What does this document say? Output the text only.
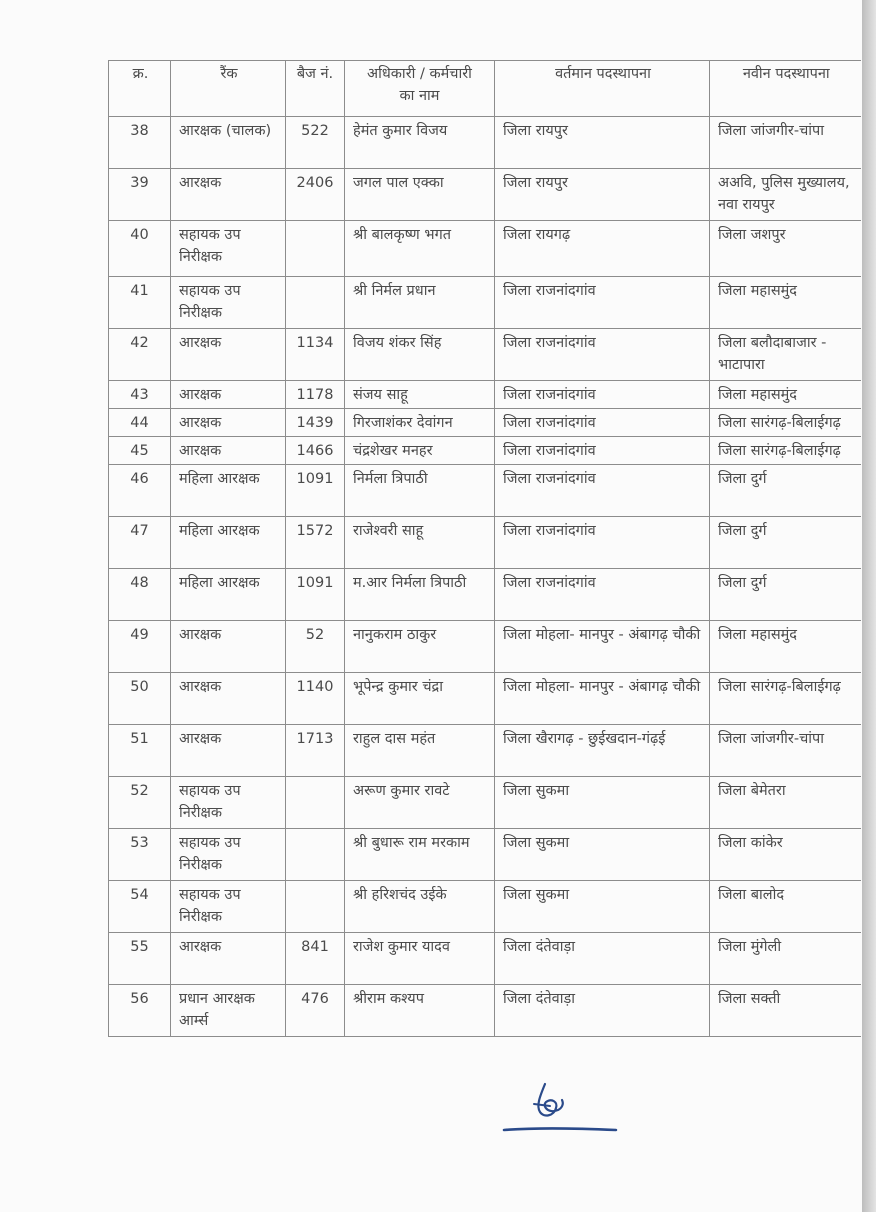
क्र.	रैंक	बैज नं.	अधिकारी / कर्मचारी का नाम	वर्तमान पदस्थापना	नवीन पदस्थापना
38	आरक्षक (चालक)	522	हेमंत कुमार विजय	जिला रायपुर	जिला जांजगीर-चांपा
39	आरक्षक	2406	जगल पाल एक्का	जिला रायपुर	अअवि, पुलिस मुख्यालय, नवा रायपुर
40	सहायक उप निरीक्षक		श्री बालकृष्ण भगत	जिला रायगढ़	जिला जशपुर
41	सहायक उप निरीक्षक		श्री निर्मल प्रधान	जिला राजनांदगांव	जिला महासमुंद
42	आरक्षक	1134	विजय शंकर सिंह	जिला राजनांदगांव	जिला बलौदाबाजार - भाटापारा
43	आरक्षक	1178	संजय साहू	जिला राजनांदगांव	जिला महासमुंद
44	आरक्षक	1439	गिरजाशंकर देवांगन	जिला राजनांदगांव	जिला सारंगढ़-बिलाईगढ़
45	आरक्षक	1466	चंद्रशेखर मनहर	जिला राजनांदगांव	जिला सारंगढ़-बिलाईगढ़
46	महिला आरक्षक	1091	निर्मला त्रिपाठी	जिला राजनांदगांव	जिला दुर्ग
47	महिला आरक्षक	1572	राजेश्वरी साहू	जिला राजनांदगांव	जिला दुर्ग
48	महिला आरक्षक	1091	म.आर निर्मला त्रिपाठी	जिला राजनांदगांव	जिला दुर्ग
49	आरक्षक	52	नानुकराम ठाकुर	जिला मोहला- मानपुर - अंबागढ़ चौकी	जिला महासमुंद
50	आरक्षक	1140	भूपेन्द्र कुमार चंद्रा	जिला मोहला- मानपुर - अंबागढ़ चौकी	जिला सारंगढ़-बिलाईगढ़
51	आरक्षक	1713	राहुल दास महंत	जिला खैरागढ़ - छुईखदान-गंढ़ई	जिला जांजगीर-चांपा
52	सहायक उप निरीक्षक		अरूण कुमार रावटे	जिला सुकमा	जिला बेमेतरा
53	सहायक उप निरीक्षक		श्री बुधारू राम मरकाम	जिला सुकमा	जिला कांकेर
54	सहायक उप निरीक्षक		श्री हरिशचंद उईके	जिला सुकमा	जिला बालोद
55	आरक्षक	841	राजेश कुमार यादव	जिला दंतेवाड़ा	जिला मुंगेली
56	प्रधान आरक्षक आर्म्स	476	श्रीराम कश्यप	जिला दंतेवाड़ा	जिला सक्ती
